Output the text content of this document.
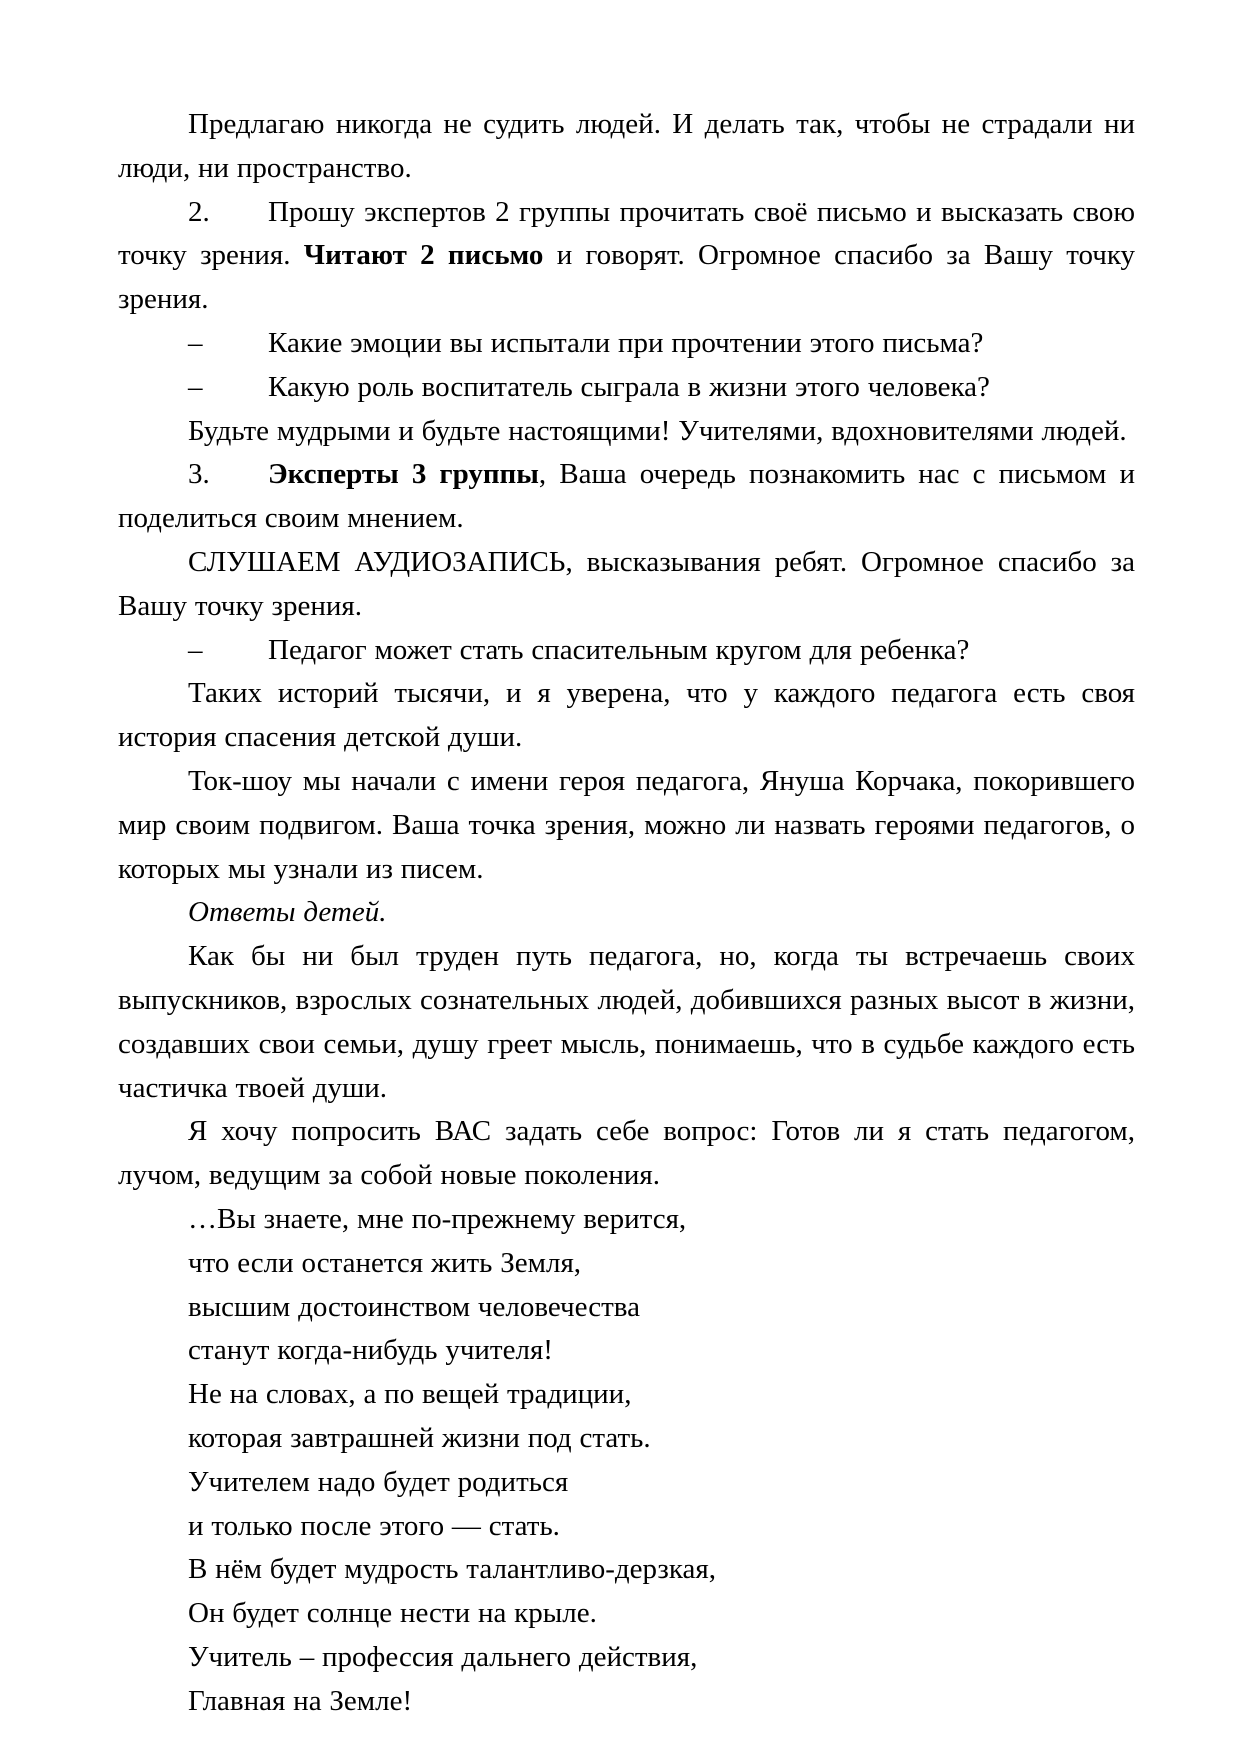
Предлагаю никогда не судить людей. И делать так, чтобы не страдали ни люди, ни пространство.

2. Прошу экспертов 2 группы прочитать своё письмо и высказать свою точку зрения. Читают 2 письмо и говорят. Огромное спасибо за Вашу точку зрения.

– Какие эмоции вы испытали при прочтении этого письма?

– Какую роль воспитатель сыграла в жизни этого человека?

Будьте мудрыми и будьте настоящими! Учителями, вдохновителями людей.

3. Эксперты 3 группы, Ваша очередь познакомить нас с письмом и поделиться своим мнением.

СЛУШАЕМ АУДИОЗАПИСЬ, высказывания ребят. Огромное спасибо за Вашу точку зрения.

– Педагог может стать спасительным кругом для ребенка?

Таких историй тысячи, и я уверена, что у каждого педагога есть своя история спасения детской души.

Ток-шоу мы начали с имени героя педагога, Януша Корчака, покорившего мир своим подвигом. Ваша точка зрения, можно ли назвать героями педагогов, о которых мы узнали из писем.

Ответы детей.

Как бы ни был труден путь педагога, но, когда ты встречаешь своих выпускников, взрослых сознательных людей, добившихся разных высот в жизни, создавших свои семьи, душу греет мысль, понимаешь, что в судьбе каждого есть частичка твоей души.

Я хочу попросить ВАС задать себе вопрос: Готов ли я стать педагогом, лучом, ведущим за собой новые поколения.

…Вы знаете, мне по-прежнему верится,

что если останется жить Земля,

высшим достоинством человечества

станут когда-нибудь учителя!

Не на словах, а по вещей традиции,

которая завтрашней жизни под стать.

Учителем надо будет родиться

и только после этого — стать.

В нём будет мудрость талантливо-дерзкая,

Он будет солнце нести на крыле.

Учитель – профессия дальнего действия,

Главная на Земле!
